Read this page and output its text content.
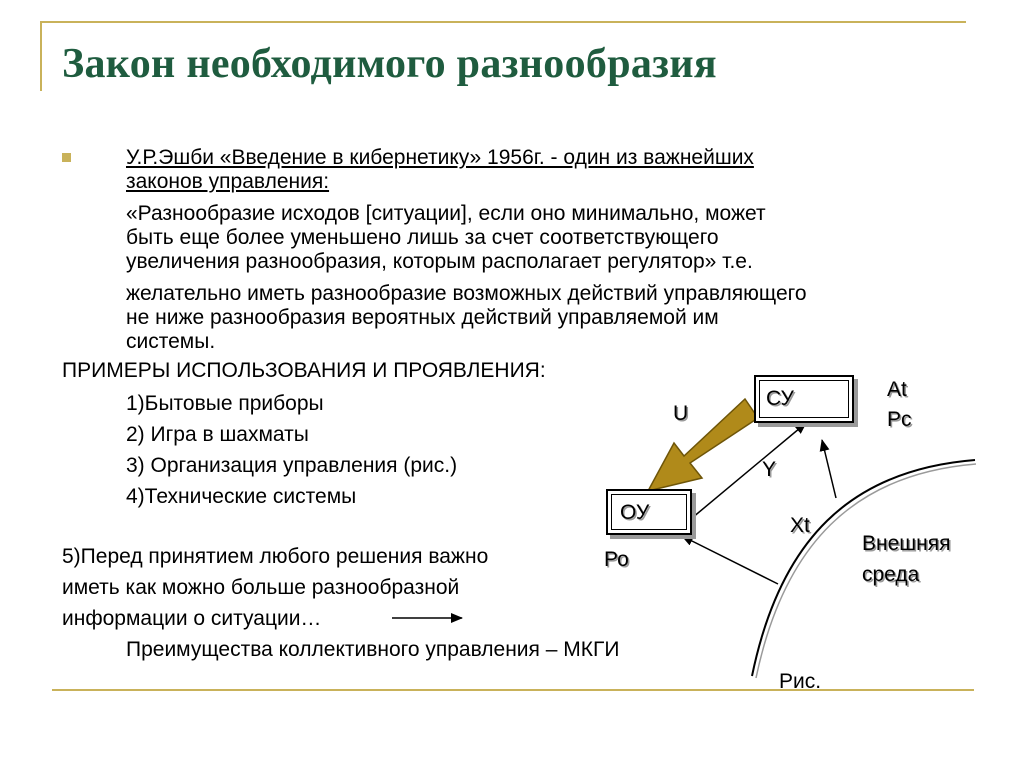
Закон необходимого разнообразия
У.Р.Эшби «Введение в кибернетику» 1956г. - один из важнейших
законов управления:
«Разнообразие исходов [ситуации], если оно минимально, может
быть еще более уменьшено лишь за счет соответствующего
увеличения разнообразия, которым располагает регулятор» т.е.
желательно иметь разнообразие возможных действий управляющего
не ниже разнообразия вероятных действий управляемой им
системы.
ПРИМЕРЫ ИСПОЛЬЗОВАНИЯ И ПРОЯВЛЕНИЯ:
1)Бытовые приборы
2) Игра в шахматы
3) Организация управления (рис.)
4)Технические системы
5)Перед принятием любого решения важно
иметь как можно больше разнообразной
информации о ситуации…
Преимущества коллективного управления – МКГИ
СУ
ОУ
U
Y
Xt
At
Рс
Ро
Внешняя
среда
Рис.
